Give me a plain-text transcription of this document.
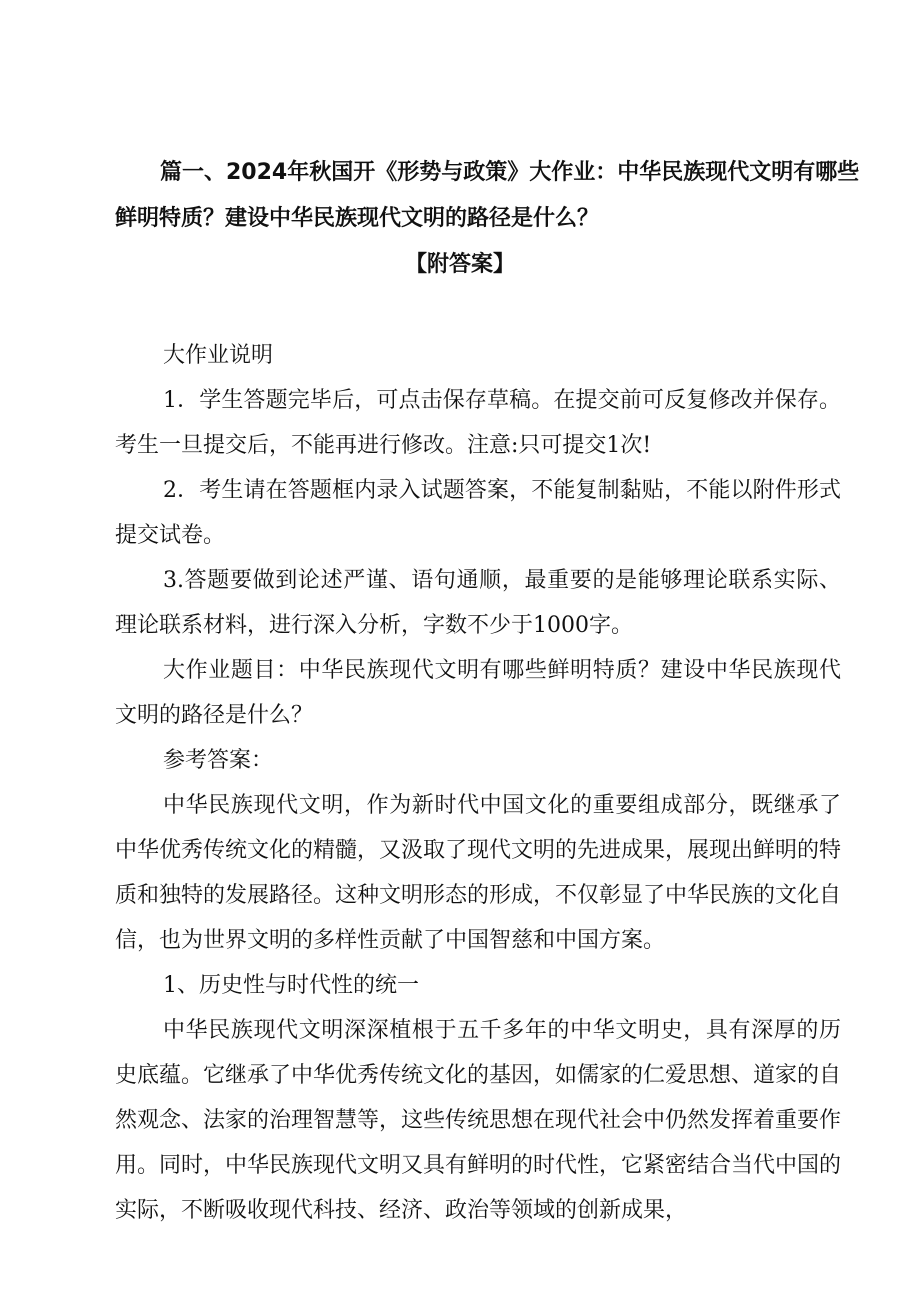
篇一、2024年秋国开《形势与政策》大作业：中华民族现代文明有哪些
鲜明特质？建设中华民族现代文明的路径是什么？
【附答案】

大作业说明

1．学生答题完毕后，可点击保存草稿。在提交前可反复修改并保存。考生一旦提交后，不能再进行修改。注意:只可提交1次!

2．考生请在答题框内录入试题答案，不能复制黏贴，不能以附件形式提交试卷。

3.答题要做到论述严谨、语句通顺，最重要的是能够理论联系实际、理论联系材料，进行深入分析，字数不少于1000字。

大作业题目：中华民族现代文明有哪些鲜明特质？建设中华民族现代文明的路径是什么？

参考答案：

中华民族现代文明，作为新时代中国文化的重要组成部分，既继承了中华优秀传统文化的精髓，又汲取了现代文明的先进成果，展现出鲜明的特质和独特的发展路径。这种文明形态的形成，不仅彰显了中华民族的文化自信，也为世界文明的多样性贡献了中国智慈和中国方案。

1、历史性与时代性的统一

中华民族现代文明深深植根于五千多年的中华文明史，具有深厚的历史底蕴。它继承了中华优秀传统文化的基因，如儒家的仁爱思想、道家的自然观念、法家的治理智慧等，这些传统思想在现代社会中仍然发挥着重要作用。同时，中华民族现代文明又具有鲜明的时代性，它紧密结合当代中国的实际，不断吸收现代科技、经济、政治等领域的创新成果，
